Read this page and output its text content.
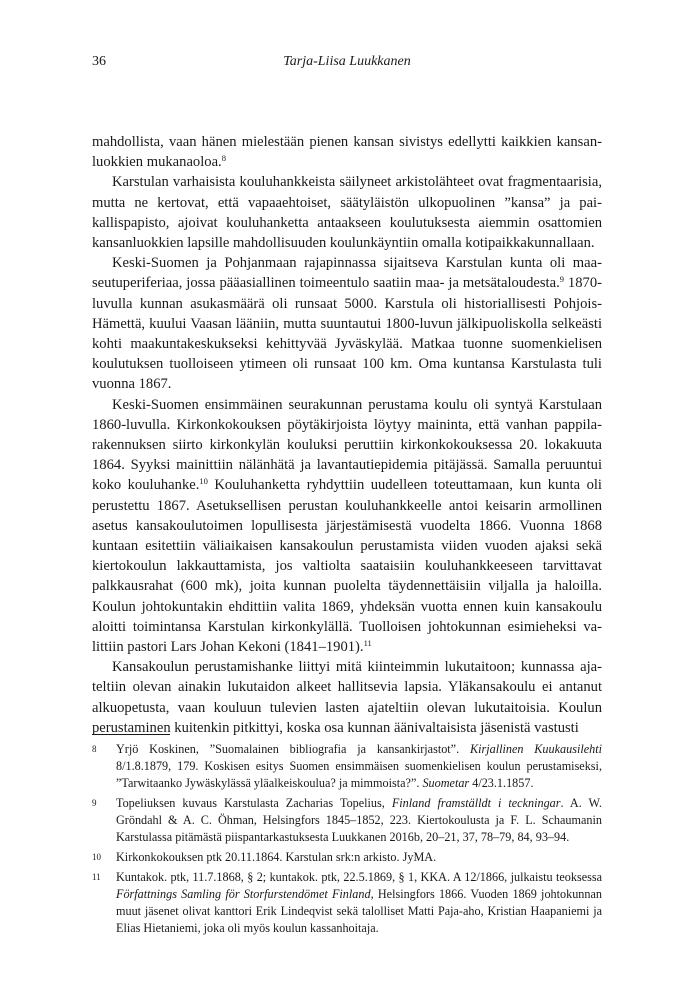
36	Tarja-Liisa Luukkanen

mahdollista, vaan hänen mielestään pienen kansan sivistys edellytti kaikkien kansanluokkien mukanaoloa.$^8$

Karstulan varhaisista kouluhankkeista säilyneet arkistolähteet ovat fragmentaarisia, mutta ne kertovat, että vapaaehtoiset, säätyläistön ulkopuolinen ”kansa” ja paikallispapisto, ajoivat kouluhanketta antaakseen koulutuksesta aiemmin osattomien kansanluokkien lapsille mahdollisuuden koulunkäyntiin omalla kotipaikkakunnallaan.

Keski-Suomen ja Pohjanmaan rajapinnassa sijaitseva Karstulan kunta oli maaseutuperiferiaa, jossa pääasiallinen toimeentulo saatiin maa- ja metsätaloudesta.$^9$ 1870-luvulla kunnan asukasmäärä oli runsaat 5000. Karstula oli historiallisesti Pohjois-Hämettä, kuului Vaasan lääniin, mutta suuntautui 1800-luvun jälkipuoliskolla selkeästi kohti maakuntakeskukseksi kehittyvää Jyväskylää. Matkaa tuonne suomenkielisen koulutuksen tuolloiseen ytimeen oli runsaat 100 km. Oma kuntansa Karstulasta tuli vuonna 1867.

Keski-Suomen ensimmäinen seurakunnan perustama koulu oli syntyä Karstulaan 1860-luvulla. Kirkonkokouksen pöytäkirjoista löytyy maininta, että vanhan pappilarakennuksen siirto kirkonkylän kouluksi peruttiin kirkonkokouksessa 20. lokakuuta 1864. Syyksi mainittiin nälänhätä ja lavantautiepidemia pitäjässä. Samalla peruuntui koko kouluhanke.$^{10}$ Kouluhanketta ryhdyttiin uudelleen toteuttamaan, kun kunta oli perustettu 1867. Asetuksellisen perustan kouluhankkeelle antoi keisarin armollinen asetus kansakoulutoimen lopullisesta järjestämisestä vuodelta 1866. Vuonna 1868 kuntaan esitettiin väliaikaisen kansakoulun perustamista viiden vuoden ajaksi sekä kiertokoulun lakkauttamista, jos valtiolta saataisiin kouluhankkeeseen tarvittavat palkkausrahat (600 mk), joita kunnan puolelta täydennettäisiin viljalla ja haloilla. Koulun johtokuntakin ehdittiin valita 1869, yhdeksän vuotta ennen kuin kansakoulu aloitti toimintansa Karstulan kirkonkylällä. Tuolloisen johtokunnan esimieheksi valittiin pastori Lars Johan Kekoni (1841–1901).$^{11}$

Kansakoulun perustamishanke liittyi mitä kiinteimmin lukutaitoon; kunnassa ajateltiin olevan ainakin lukutaidon alkeet hallitsevia lapsia. Yläkansakoulu ei antanut alkuopetusta, vaan kouluun tulevien lasten ajateltiin olevan lukutaitoisia. Koulun perustaminen kuitenkin pitkittyi, koska osa kunnan äänivaltaisista jäsenistä vastusti

8 Yrjö Koskinen, ”Suomalainen bibliografia ja kansankirjastot”. Kirjallinen Kuukausilehti 8/1.8.1879, 179. Koskisen esitys Suomen ensimmäisen suomenkielisen koulun perustamiseksi, ”Tarwitaanko Jywäskylässä yläalkeiskoulua? ja mimmoista?”. Suometar 4/23.1.1857.
9 Topeliuksen kuvaus Karstulasta Zacharias Topelius, Finland framställdt i teckningar. A. W. Gröndahl & A. C. Öhman, Helsingfors 1845–1852, 223. Kiertokoulusta ja F. L. Schaumanin Karstulassa pitämästä piispantarkastuksesta Luukkanen 2016b, 20–21, 37, 78–79, 84, 93–94.
10 Kirkonkokouksen ptk 20.11.1864. Karstulan srk:n arkisto. JyMA.
11 Kuntakok. ptk, 11.7.1868, § 2; kuntakok. ptk, 22.5.1869, § 1, KKA. A 12/1866, julkaistu teoksessa Författnings Samling för Storfurstendömet Finland, Helsingfors 1866. Vuoden 1869 johtokunnan muut jäsenet olivat kanttori Erik Lindeqvist sekä talolliset Matti Paja-aho, Kristian Haapaniemi ja Elias Hietaniemi, joka oli myös koulun kassanhoitaja.
